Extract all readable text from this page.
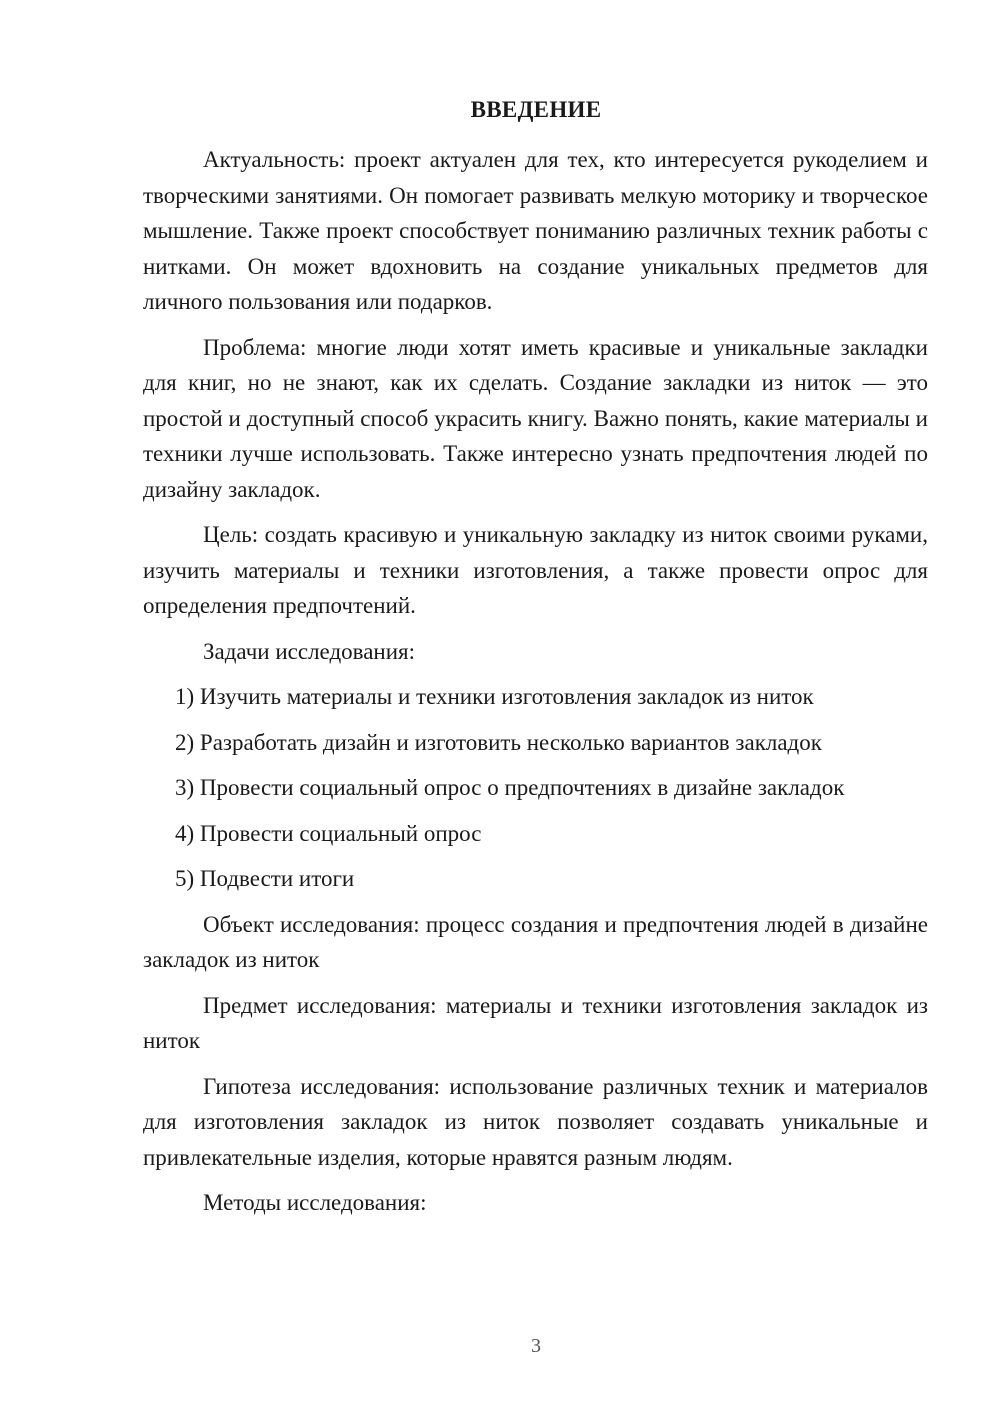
ВВЕДЕНИЕ

Актуальность: проект актуален для тех, кто интересуется рукоделием и творческими занятиями. Он помогает развивать мелкую моторику и творческое мышление. Также проект способствует пониманию различных техник работы с нитками. Он может вдохновить на создание уникальных предметов для личного пользования или подарков.

Проблема: многие люди хотят иметь красивые и уникальные закладки для книг, но не знают, как их сделать. Создание закладки из ниток — это простой и доступный способ украсить книгу. Важно понять, какие материалы и техники лучше использовать. Также интересно узнать предпочтения людей по дизайну закладок.

Цель: создать красивую и уникальную закладку из ниток своими руками, изучить материалы и техники изготовления, а также провести опрос для определения предпочтений.

Задачи исследования:

1) Изучить материалы и техники изготовления закладок из ниток

2) Разработать дизайн и изготовить несколько вариантов закладок

3) Провести социальный опрос о предпочтениях в дизайне закладок

4) Провести социальный опрос

5) Подвести итоги

Объект исследования: процесс создания и предпочтения людей в дизайне закладок из ниток

Предмет исследования: материалы и техники изготовления закладок из ниток

Гипотеза исследования: использование различных техник и материалов для изготовления закладок из ниток позволяет создавать уникальные и привлекательные изделия, которые нравятся разным людям.

Методы исследования:

3
